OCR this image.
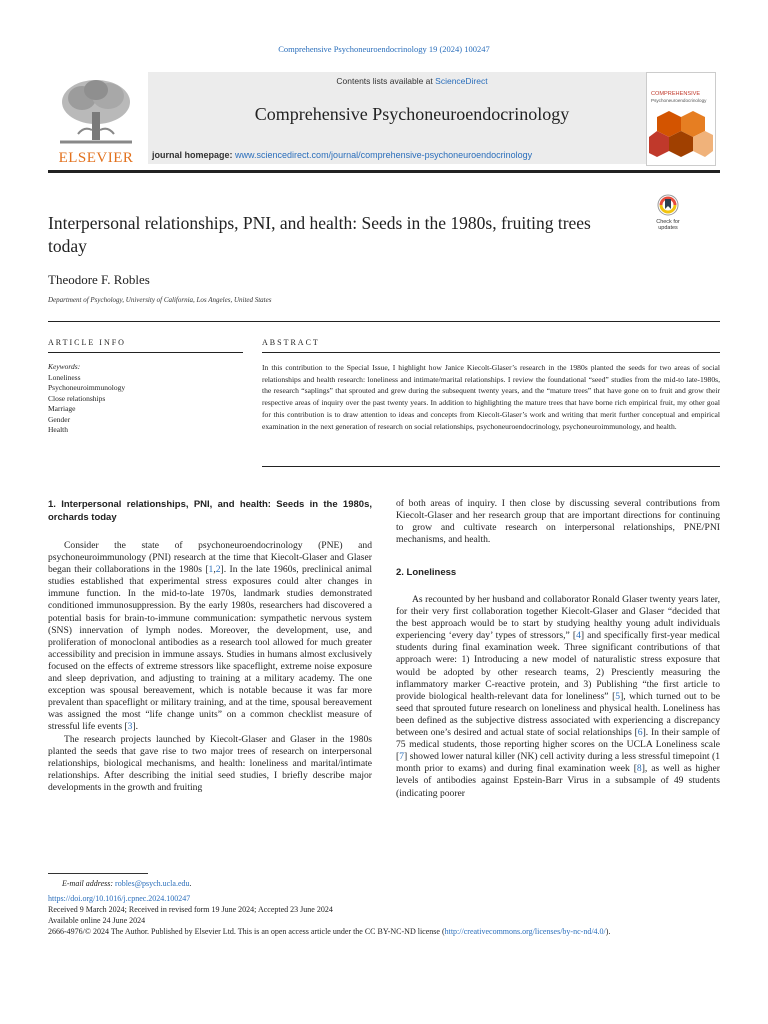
Comprehensive Psychoneuroendocrinology 19 (2024) 100247
ELSEVIER
Contents lists available at ScienceDirect
Comprehensive Psychoneuroendocrinology
journal homepage: www.sciencedirect.com/journal/comprehensive-psychoneuroendocrinology
COMPREHENSIVE
Psychoneuroendocrinology
Interpersonal relationships, PNI, and health: Seeds in the 1980s, fruiting trees today
Check for
updates
Theodore F. Robles
Department of Psychology, University of California, Los Angeles, United States
ARTICLE INFO	ABSTRACT
Keywords:
Loneliness
Psychoneuroimmunology
Close relationships
Marriage
Gender
Health
In this contribution to the Special Issue, I highlight how Janice Kiecolt-Glaser’s research in the 1980s planted the seeds for two areas of social relationships and health research: loneliness and intimate/marital relationships. I review the foundational “seed” studies from the mid-to late-1980s, the research “saplings” that sprouted and grew during the subsequent twenty years, and the “mature trees” that have gone on to fruit and grow their respective areas of inquiry over the past twenty years. In addition to highlighting the mature trees that have borne rich empirical fruit, my other goal for this contribution is to draw attention to ideas and concepts from Kiecolt-Glaser’s work and writing that merit further conceptual and empirical examination in the next generation of research on social relationships, psychoneuroendocrinology, psychoneuroimmunology, and health.
1. Interpersonal relationships, PNI, and health: Seeds in the 1980s, orchards today

Consider the state of psychoneuroendocrinology (PNE) and psychoneuroimmunology (PNI) research at the time that Kiecolt-Glaser and Glaser began their collaborations in the 1980s [1,2]. In the late 1960s, preclinical animal studies established that experimental stress exposures could alter changes in immune function. In the mid-to-late 1970s, landmark studies demonstrated conditioned immunosuppression. By the early 1980s, researchers had discovered a potential basis for brain-to-immune communication: sympathetic nervous system (SNS) innervation of lymph nodes. Moreover, the development, use, and proliferation of monoclonal antibodies as a research tool allowed for much greater accessibility and precision in immune assays. Studies in humans almost exclusively focused on the effects of extreme stressors like spaceflight, extreme noise exposure and sleep deprivation, and adjusting to training at a military academy. The one exception was spousal bereavement, which is notable because it was far more prevalent than spaceflight or military training, and at the time, spousal bereavement was assigned the most “life change units” on a common checklist measure of stressful life events [3].

The research projects launched by Kiecolt-Glaser and Glaser in the 1980s planted the seeds that gave rise to two major trees of research on interpersonal relationships, biological mechanisms, and health: loneliness and marital/intimate relationships. After describing the initial seed studies, I briefly describe major developments in the growth and fruiting

of both areas of inquiry. I then close by discussing several contributions from Kiecolt-Glaser and her research group that are important directions for continuing to grow and cultivate research on interpersonal relationships, PNE/PNI mechanisms, and health.
2. Loneliness

As recounted by her husband and collaborator Ronald Glaser twenty years later, for their very first collaboration together Kiecolt-Glaser and Glaser “decided that the best approach would be to start by studying healthy young adult individuals experiencing ‘every day’ types of stressors,” [4] and specifically first-year medical students during final examination week. Three significant contributions of that approach were: 1) Introducing a new model of naturalistic stress exposure that would be adopted by other research teams, 2) Presciently measuring the inflammatory marker C-reactive protein, and 3) Publishing “the first article to provide biological health-relevant data for loneliness” [5], which turned out to be seed that sprouted future research on loneliness and physical health. Loneliness has been defined as the subjective distress associated with experiencing a discrepancy between one’s desired and actual state of social relationships [6]. In their sample of 75 medical students, those reporting higher scores on the UCLA Loneliness scale [7] showed lower natural killer (NK) cell activity during a less stressful timepoint (1 month prior to exams) and during final examination week [8], as well as higher levels of antibodies against Epstein-Barr Virus in a subsample of 49 students (indicating poorer

E-mail address: robles@psych.ucla.edu.
https://doi.org/10.1016/j.cpnec.2024.100247
Received 9 March 2024; Received in revised form 19 June 2024; Accepted 23 June 2024
Available online 24 June 2024
2666-4976/© 2024 The Author. Published by Elsevier Ltd. This is an open access article under the CC BY-NC-ND license (http://creativecommons.org/licenses/by-nc-nd/4.0/).
